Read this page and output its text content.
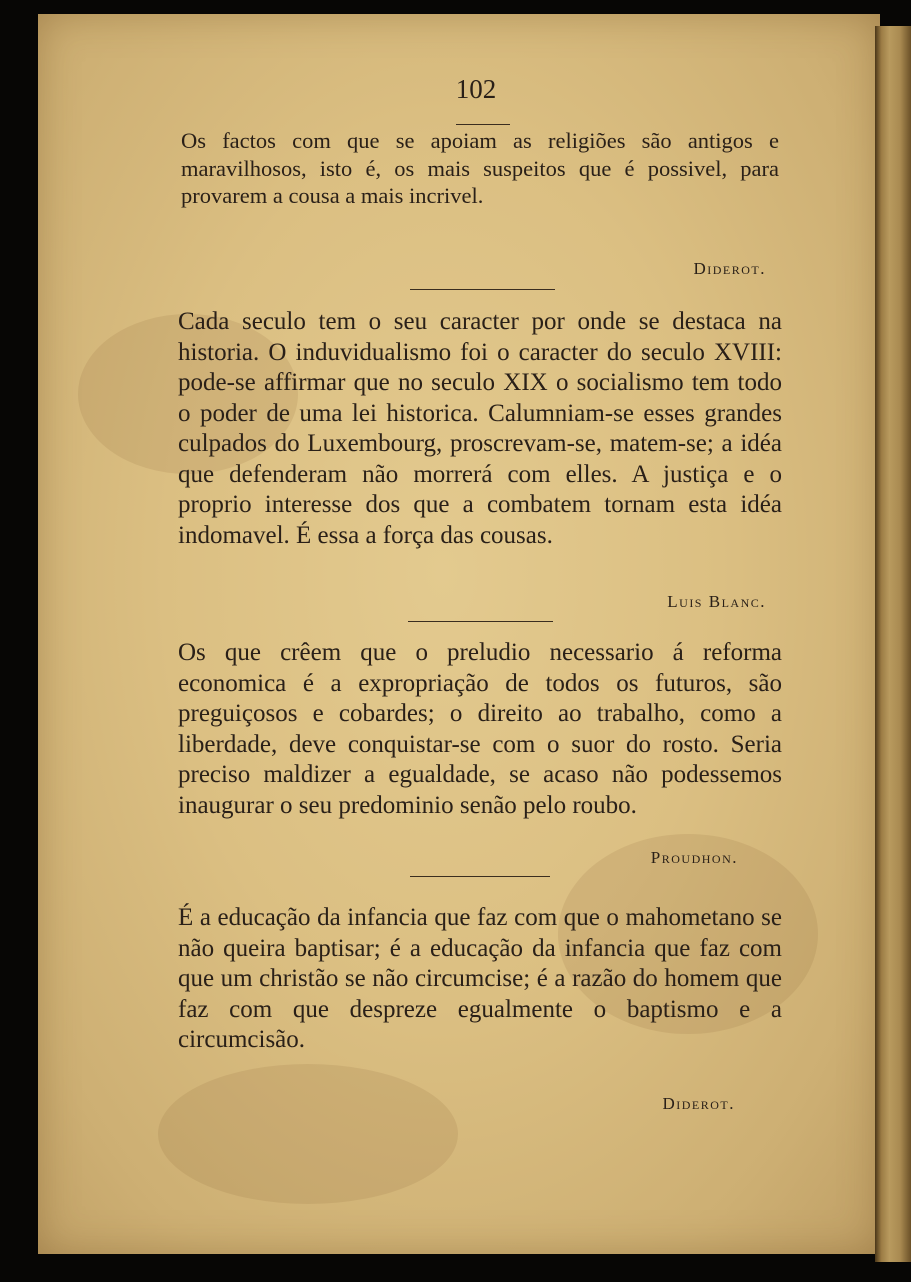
102
Os factos com que se apoiam as religiões são antigos e maravilhosos, isto é, os mais suspeitos que é possivel, para provarem a cousa a mais incrivel.
Diderot.
Cada seculo tem o seu caracter por onde se destaca na historia. O induvidualismo foi o caracter do seculo XVIII: pode-se affirmar que no seculo XIX o socialismo tem todo o poder de uma lei historica. Calumniam-se esses grandes culpados do Luxembourg, proscrevam-se, matem-se; a idéa que defenderam não morrerá com elles. A justiça e o proprio interesse dos que a combatem tornam esta idéa indomavel. É essa a força das cousas.
Luis Blanc.
Os que crêem que o preludio necessario á reforma economica é a expropriação de todos os futuros, são preguiçosos e cobardes; o direito ao trabalho, como a liberdade, deve conquistar-se com o suor do rosto. Seria preciso maldizer a egualdade, se acaso não podessemos inaugurar o seu predominio senão pelo roubo.
Proudhon.
É a educação da infancia que faz com que o mahometano se não queira baptisar; é a educação da infancia que faz com que um christão se não circumcise; é a razão do homem que faz com que despreze egualmente o baptismo e a circumcisão.
Diderot.
